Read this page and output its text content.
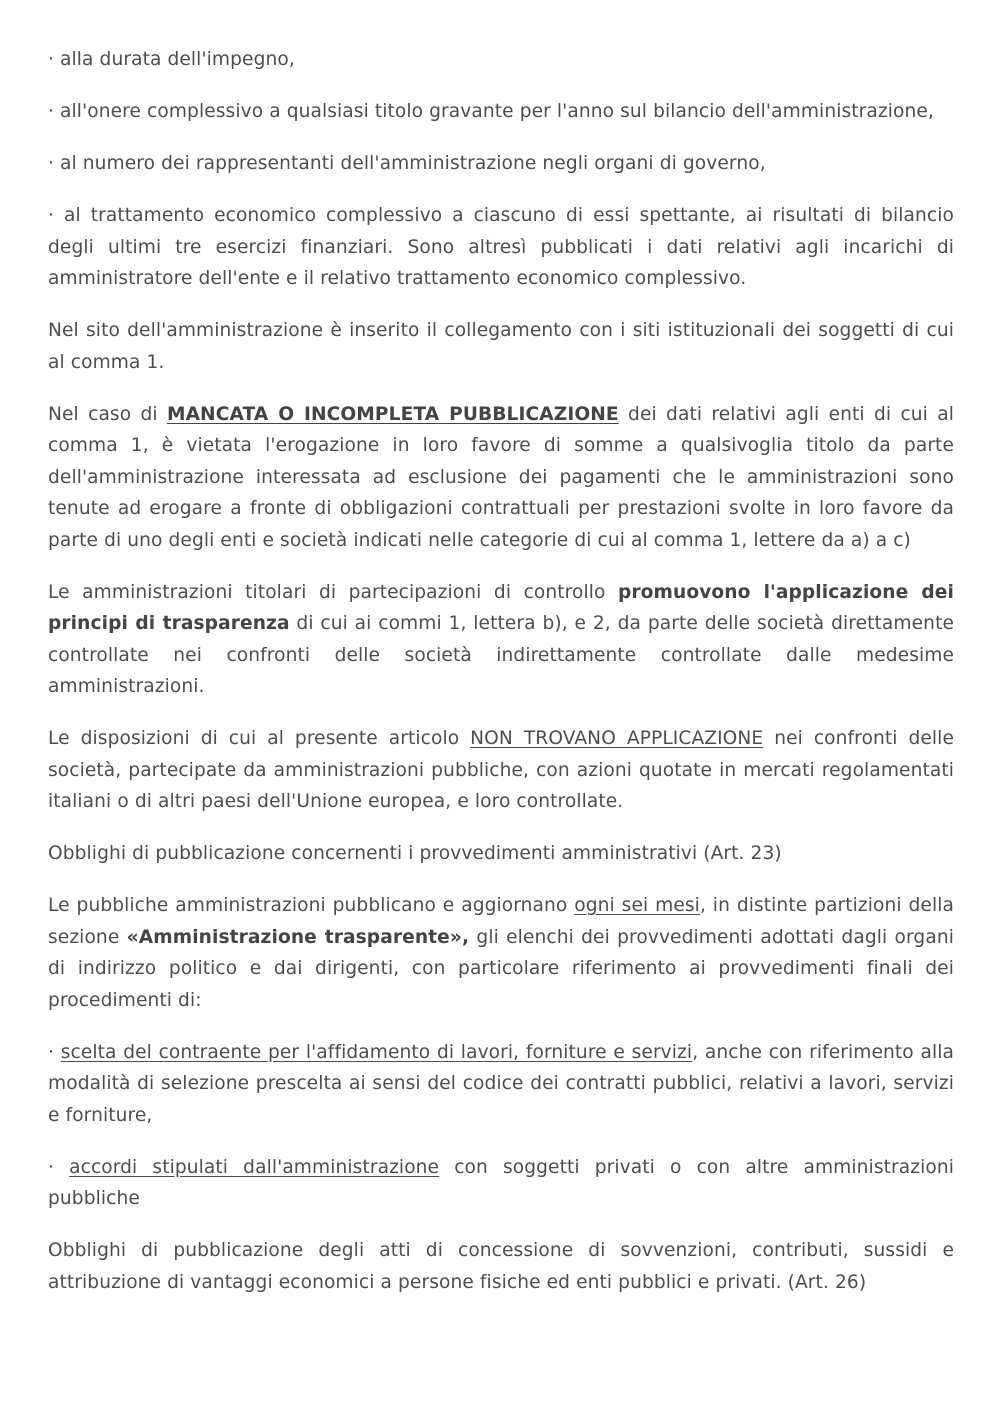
· alla durata dell'impegno,

· all'onere complessivo a qualsiasi titolo gravante per l'anno sul bilancio dell'amministrazione,

· al numero dei rappresentanti dell'amministrazione negli organi di governo,

· al trattamento economico complessivo a ciascuno di essi spettante, ai risultati di bilancio degli ultimi tre esercizi finanziari. Sono altresì pubblicati i dati relativi agli incarichi di amministratore dell'ente e il relativo trattamento economico complessivo.

Nel sito dell'amministrazione è inserito il collegamento con i siti istituzionali dei soggetti di cui al comma 1.

Nel caso di MANCATA O INCOMPLETA PUBBLICAZIONE dei dati relativi agli enti di cui al comma 1, è vietata l'erogazione in loro favore di somme a qualsivoglia titolo da parte dell'amministrazione interessata ad esclusione dei pagamenti che le amministrazioni sono tenute ad erogare a fronte di obbligazioni contrattuali per prestazioni svolte in loro favore da parte di uno degli enti e società indicati nelle categorie di cui al comma 1, lettere da a) a c)

Le amministrazioni titolari di partecipazioni di controllo promuovono l'applicazione dei principi di trasparenza di cui ai commi 1, lettera b), e 2, da parte delle società direttamente controllate nei confronti delle società indirettamente controllate dalle medesime amministrazioni.

Le disposizioni di cui al presente articolo NON TROVANO APPLICAZIONE nei confronti delle società, partecipate da amministrazioni pubbliche, con azioni quotate in mercati regolamentati italiani o di altri paesi dell'Unione europea, e loro controllate.

Obblighi di pubblicazione concernenti i provvedimenti amministrativi (Art. 23)

Le pubbliche amministrazioni pubblicano e aggiornano ogni sei mesi, in distinte partizioni della sezione «Amministrazione trasparente», gli elenchi dei provvedimenti adottati dagli organi di indirizzo politico e dai dirigenti, con particolare riferimento ai provvedimenti finali dei procedimenti di:

· scelta del contraente per l'affidamento di lavori, forniture e servizi, anche con riferimento alla modalità di selezione prescelta ai sensi del codice dei contratti pubblici, relativi a lavori, servizi e forniture,

· accordi stipulati dall'amministrazione con soggetti privati o con altre amministrazioni pubbliche

Obblighi di pubblicazione degli atti di concessione di sovvenzioni, contributi, sussidi e attribuzione di vantaggi economici a persone fisiche ed enti pubblici e privati. (Art. 26)
